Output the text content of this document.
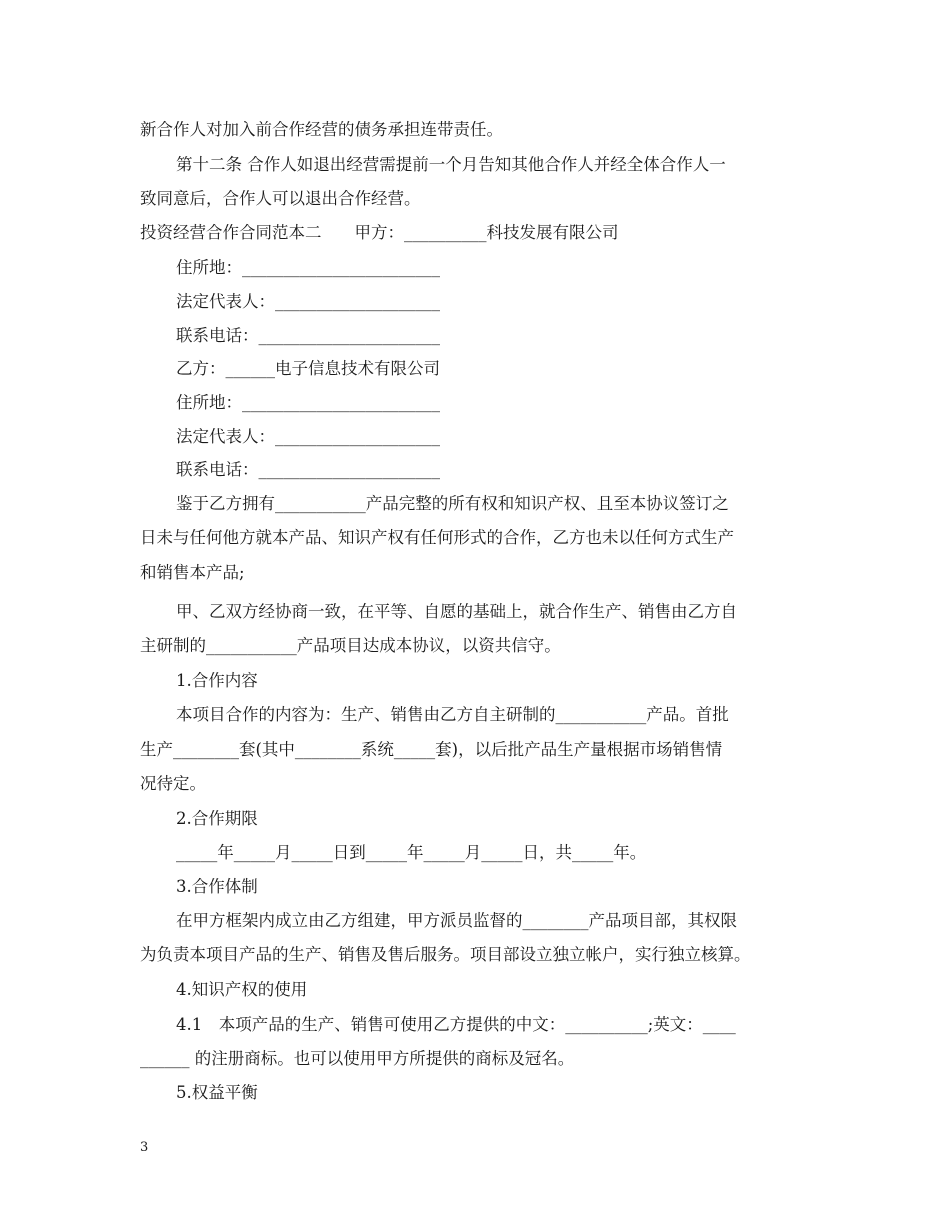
新合作人对加入前合作经营的债务承担连带责任。
第十二条 合作人如退出经营需提前一个月告知其他合作人并经全体合作人一
致同意后，合作人可以退出合作经营。
投资经营合作合同范本二　　甲方：__________科技发展有限公司
住所地：________________________
法定代表人：____________________
联系电话：______________________
乙方：______电子信息技术有限公司
住所地：________________________
法定代表人：____________________
联系电话：______________________
鉴于乙方拥有___________产品完整的所有权和知识产权、且至本协议签订之
日未与任何他方就本产品、知识产权有任何形式的合作，乙方也未以任何方式生产
和销售本产品;
甲、乙双方经协商一致，在平等、自愿的基础上，就合作生产、销售由乙方自
主研制的___________产品项目达成本协议，以资共信守。
1.合作内容
本项目合作的内容为：生产、销售由乙方自主研制的___________产品。首批
生产________套(其中________系统_____套)，以后批产品生产量根据市场销售情
况待定。
2.合作期限
_____年_____月_____日到_____年_____月_____日，共_____年。
3.合作体制
在甲方框架内成立由乙方组建，甲方派员监督的________产品项目部，其权限
为负责本项目产品的生产、销售及售后服务。项目部设立独立帐户，实行独立核算。
4.知识产权的使用
4.1　本项产品的生产、销售可使用乙方提供的中文：__________;英文：____
______ 的注册商标。也可以使用甲方所提供的商标及冠名。
5.权益平衡
3
